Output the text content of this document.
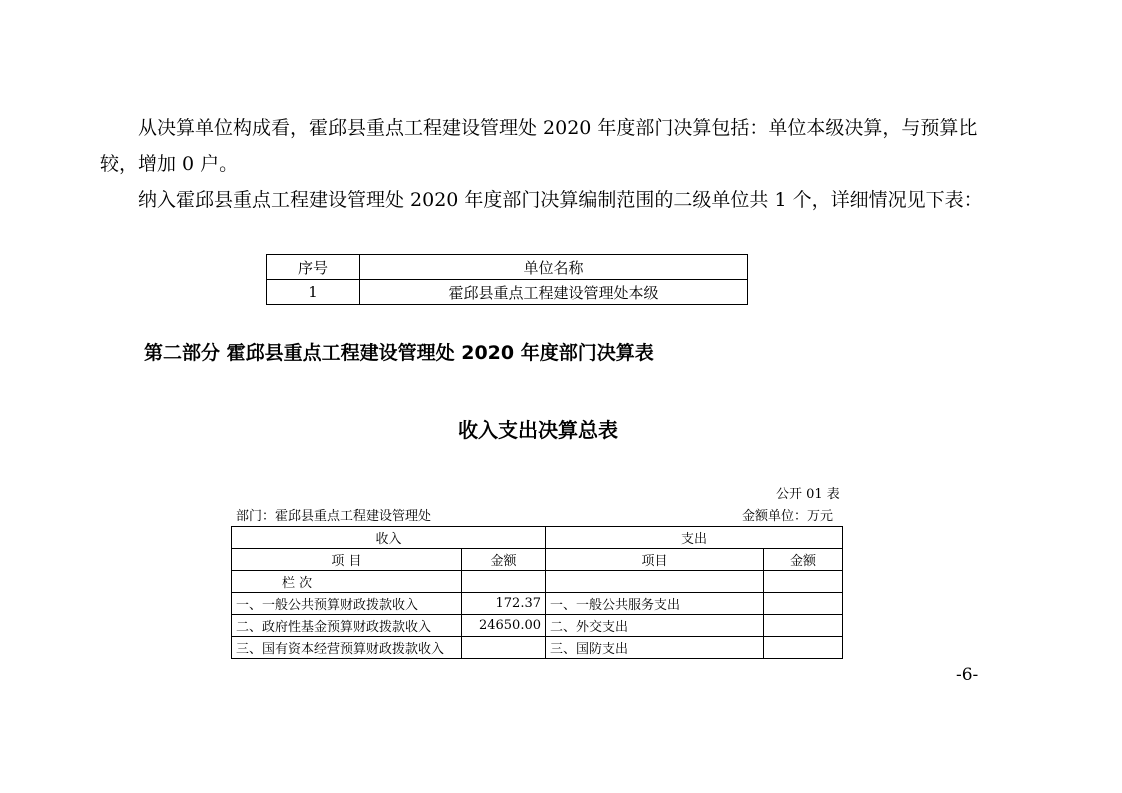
从决算单位构成看，霍邱县重点工程建设管理处 2020 年度部门决算包括：单位本级决算，与预算比较，增加 0 户。

纳入霍邱县重点工程建设管理处 2020 年度部门决算编制范围的二级单位共 1 个，详细情况见下表：

序号	单位名称
1	霍邱县重点工程建设管理处本级

第二部分 霍邱县重点工程建设管理处 2020 年度部门决算表

收入支出决算总表

公开 01 表
部门：霍邱县重点工程建设管理处	金额单位：万元
收入		支出	
项 目	金额	项目	金额
栏 次			
一、一般公共预算财政拨款收入	172.37	一、一般公共服务支出	
二、政府性基金预算财政拨款收入	24650.00	二、外交支出	
三、国有资本经营预算财政拨款收入		三、国防支出	
-6-
